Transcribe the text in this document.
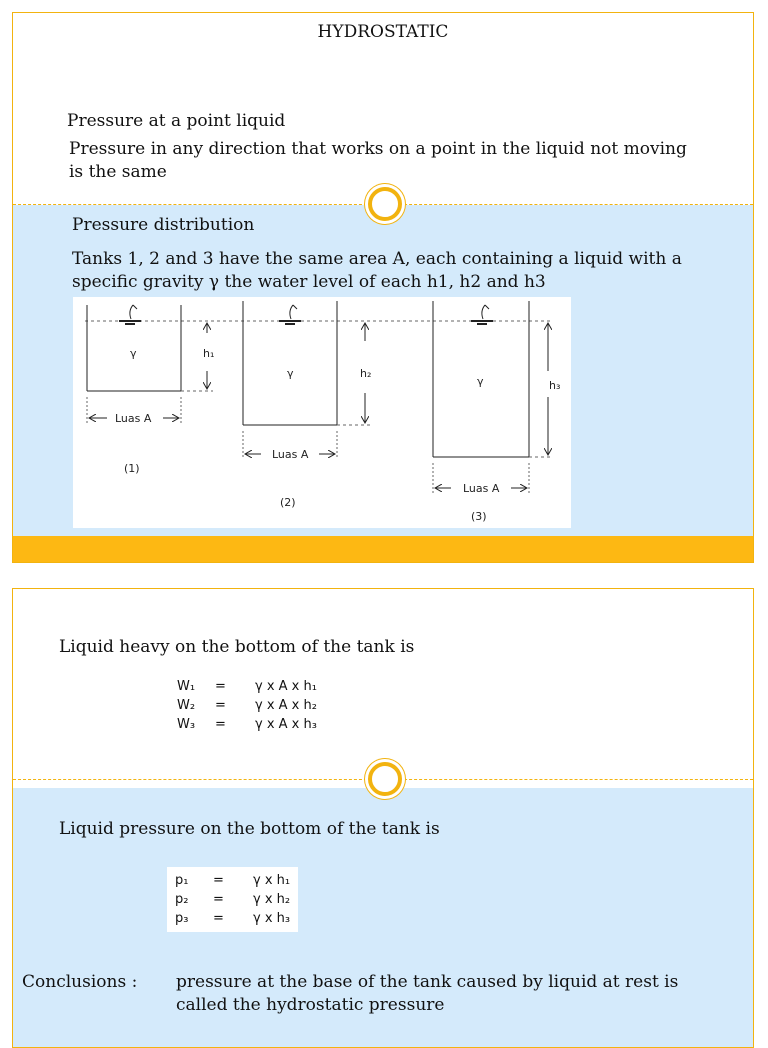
HYDROSTATIC
Pressure at a point liquid
Pressure in any direction that works on a point in the liquid not moving
is the same
Pressure distribution
Tanks 1, 2 and 3 have the same area A, each containing a liquid with a
specific gravity γ the water level of each h1, h2 and h3
γ	h₁
Luas A
(1)
γ	h₂
Luas A
(2)
γ	h₃
Luas A
(3)
Liquid heavy on the bottom of the tank is
W₁	=	γ x A x h₁
W₂	=	γ x A x h₂
W₃	=	γ x A x h₃
Liquid pressure on the bottom of the tank is
p₁	=	γ x h₁
p₂	=	γ x h₂
p₃	=	γ x h₃
Conclusions : pressure at the base of the tank caused by liquid at rest is
called the hydrostatic pressure
